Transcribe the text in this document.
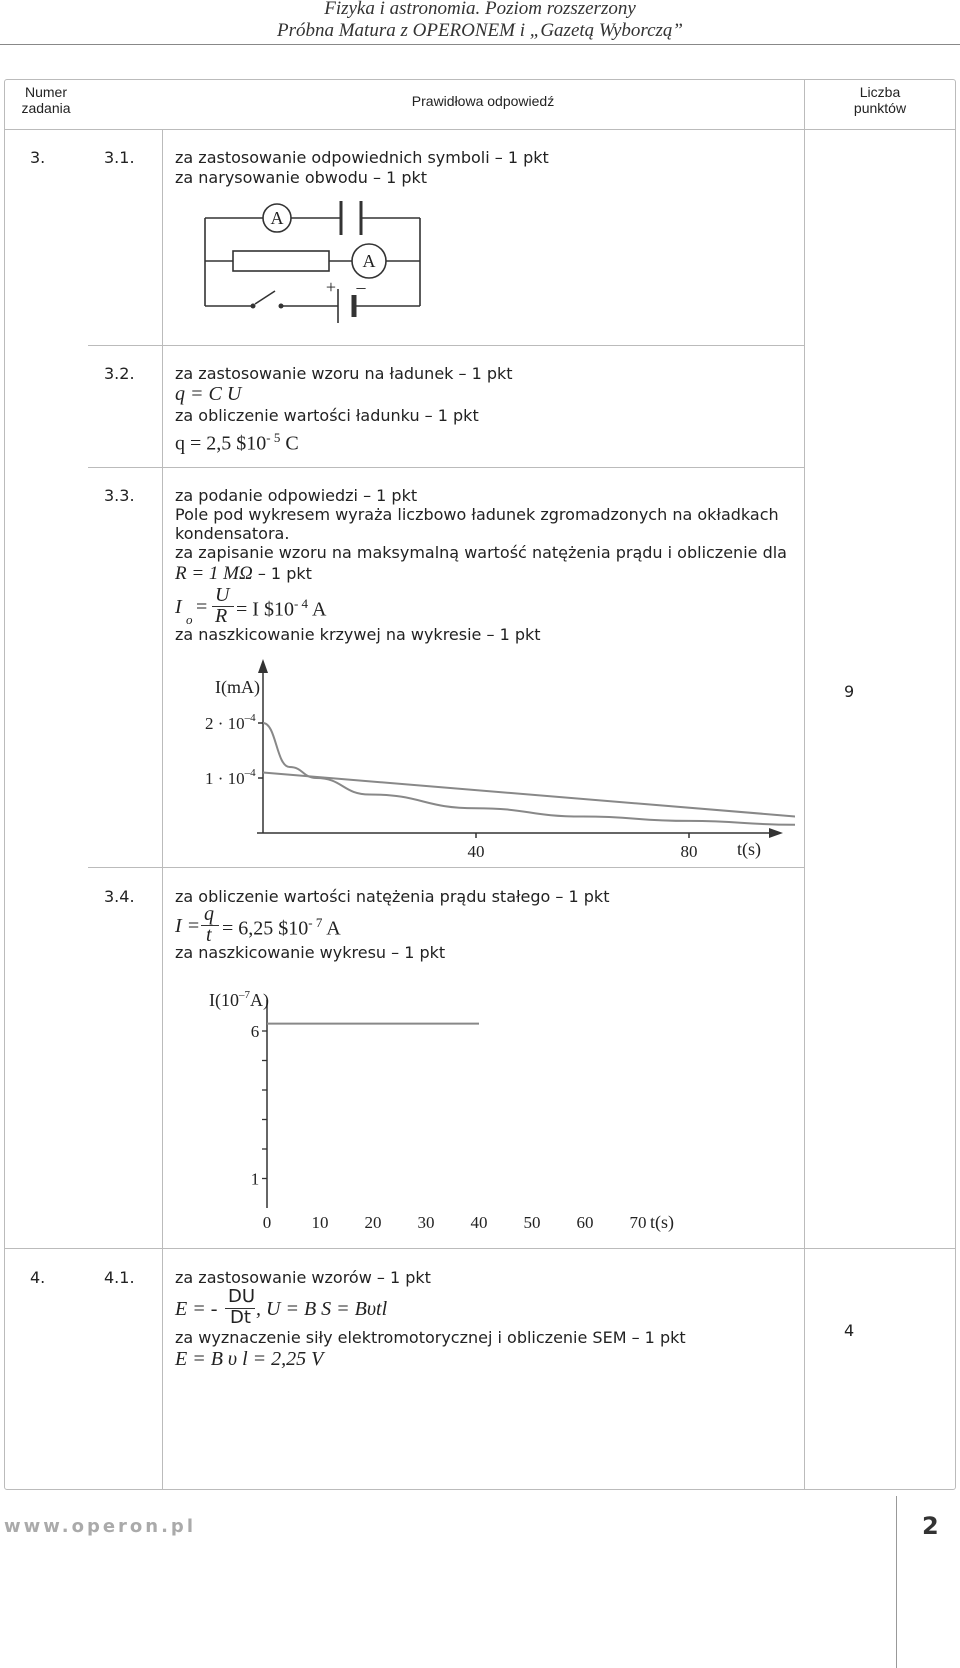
Fizyka i astronomia. Poziom rozszerzony
Próbna Matura z OPERONEM i „Gazetą Wyborczą”
Numer
zadania	Prawidłowa odpowiedź
Liczba
punktów
3.
9
3.1.	za zastosowanie odpowiednich symboli – 1 pkt
za narysowanie obwodu – 1 pkt
A
A
+ –
3.2.	za zastosowanie wzoru na ładunek – 1 pkt
q = C U
za obliczenie wartości ładunku – 1 pkt
q = 2,5 $\$10^{- 5}$ C
3.3.	za podanie odpowiedzi – 1 pkt
Pole pod wykresem wyraża liczbowo ładunek zgromadzonych na okładkach
kondensatora.
za zapisanie wzoru na maksymalną wartość natężenia prądu i obliczenie dla
R = 1 MΩ – 1 pkt
I
o
=
U
R = I $\$10^{- 4}$ A
za naszkicowanie krzywej na wykresie – 1 pkt
I(mA)
t(s)
$2 \cdot 10^{-4}$
$1 \cdot 10^{-4}$
40	80
3.4.	za obliczenie wartości natężenia prądu stałego – 1 pkt
I =
q
t = 6,25 $\$10^{- 7}$ A
za naszkicowanie wykresu – 1 pkt
$I(10^{-7}A)$
t(s)
6
1
0 10 20 30 40 50 60 70
4.
4
4.1.	za zastosowanie wzorów – 1 pkt
E = -
DU
Dt , U = B S = Bυtl
za wyznaczenie siły elektromotorycznej i obliczenie SEM – 1 pkt
E = B υ l = 2,25 V
www.operon.pl	2
